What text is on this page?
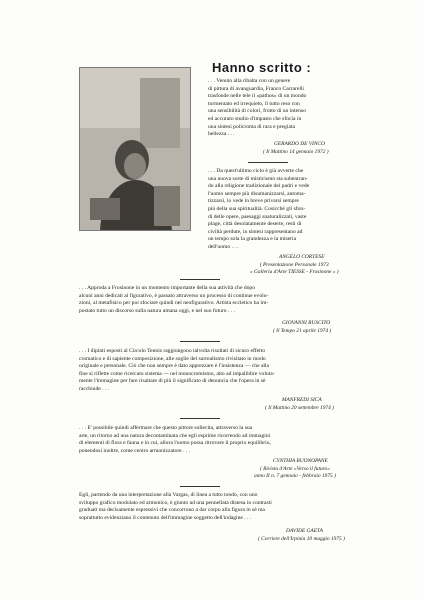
Hanno scritto :

. . . Venuto alla ribalta con un genere
di pittura di avanguardia, Franco Carrarelli
trasfonde nelle tele il «pathos» di un mondo
tormentato ed irrequieto, il tutto reso con
una sensibilità di colori, frutto di un intenso
ed accurato studio d'impasto che sfocia in
una sintesi policroma di rara e pregiata
bellezza . . .

GERARDO DE VINCO

( Il Mattino 14 gennaio 1972 )

. . . Da quest'ultimo ciclo è già avverte che
una nuova sorte di misticismo sta subentran-
do alla religione tradizionale dei padri e vede
l'uomo sempre più disumanizzarsi, automa-
tizzarsi, lo vede in breve privarsi sempre
più della sua spiritualità. Cosicché gli sfon-
di delle opere, paesaggi snaturalizzati, vaste
plage, città desolatamente deserte, resti di
civiltà perdute, in sintesi rappresentano ad
un tempo sola la grandezza e la miseria
dell'uomo . . .

ANGELO CORTESE

( Presentazione Personale 1973
« Galleria d'Arte TIESSE - Frosinone » )

. . . Approda a Frosinone in un momento importante della sua attività che dopo
alcuni anni dedicati al figurativo, è passato attraverso un processo di continue evolu-
zioni, al metafisico per poi sfociare quindi nel neofigurativo. Artista eccletico ha im-
postato tutto un discorso sulla natura umana oggi, e nel suo futuro . . .

GIOVANNI RUSCITO

( Il Tempo 21 aprile 1974 )

. . . I dipinti esposti al Circolo Tennis raggiungono talvolta risultati di sicuro effetto
cromatico e di sapiente composizione, alle soglie del surrealismo rivisitato in modo
originale e personale. Ciò che non sempre è dato apprezzare è l'insistenza — che alla
fine si riflette come ricercato sistema — nel monocromismo, atto ad impallidire voluta-
mente l'immagine per fare risaltare di più il significato di denuncia che l'opera in sè
racchiude . . .

MANFREDI SICA

( Il Mattino 20 settembre 1974 )

. . . E' possibile quindi affermare che questo pittore sollecita, attraverso la sua
arte, un ritorno ad una natura decontaminata che egli esprime ricorrendo ad immagini
di elementi di flora e fauna e in cui, allora l'uomo possa ritrovare il proprio equilibrio,
ponendosi inoltre, come centro armonizzatore . . .

CYNTHIA BUONOPANE

( Rivista d'Arte «Verso il futuro»
anno II n. 7 gennaio - febbraio 1975 )

Egli, partendo da una interpretazione alla Vargas, di linea a tutto tondo, con uno
sviluppo grafico modulato ed armonico, è giunto ad una pennellata distesa in contrasti
graduati ma decisamente espressivi che concorrono a dar corpo alla figura in sè ma
soprattutto evidenziano il contenuto dell'immagine soggetto dell'indagine . . .

DAVIDE GAETA

( Corriere dell'Irpinia 10 maggio 1975 )
